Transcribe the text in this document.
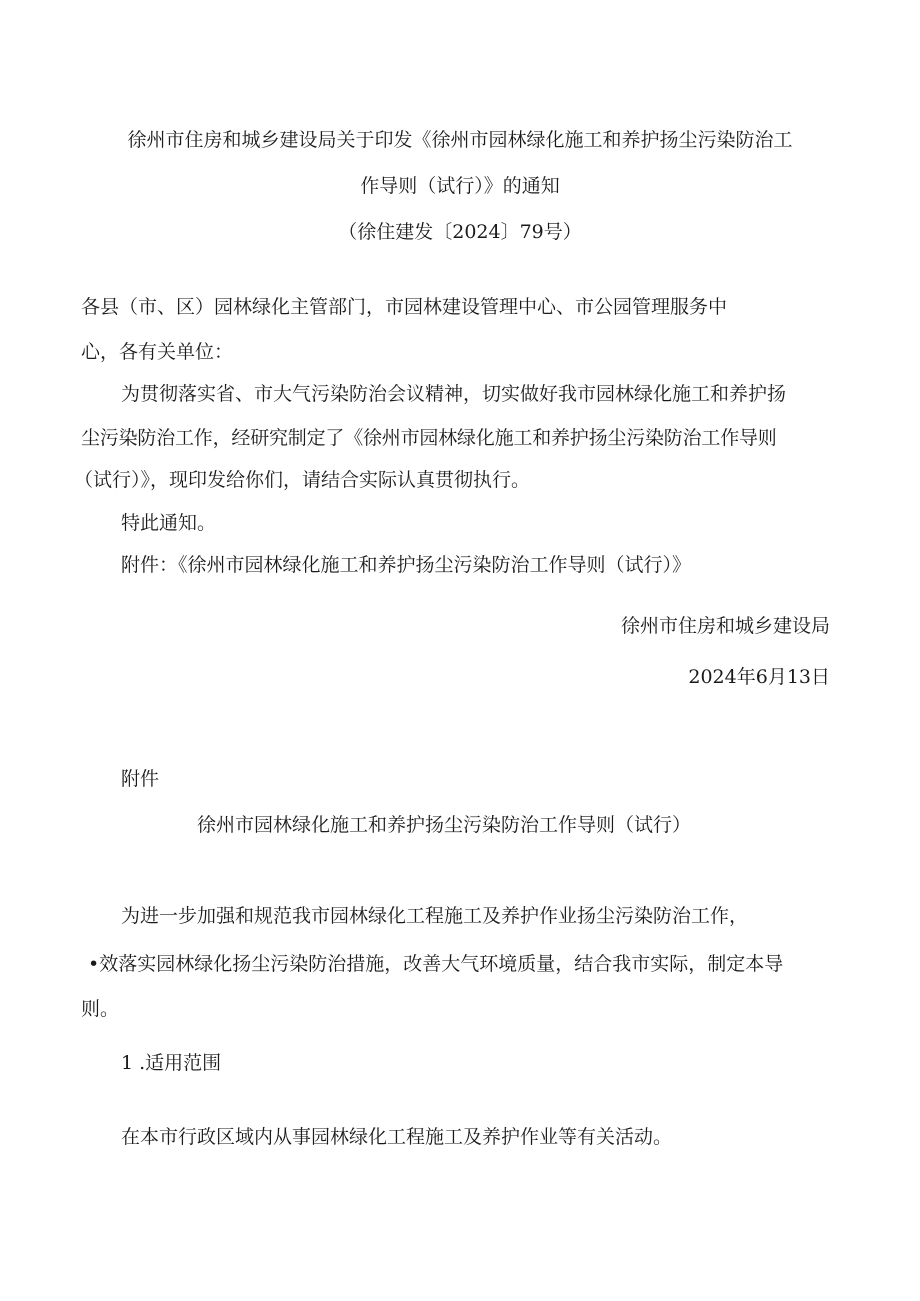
徐州市住房和城乡建设局关于印发《徐州市园林绿化施工和养护扬尘污染防治工

作导则（试行）》的通知

（徐住建发〔2024〕79号）

各县（市、区）园林绿化主管部门，市园林建设管理中心、市公园管理服务中

心，各有关单位：

为贯彻落实省、市大气污染防治会议精神，切实做好我市园林绿化施工和养护扬

尘污染防治工作，经研究制定了《徐州市园林绿化施工和养护扬尘污染防治工作导则

（试行）》，现印发给你们，请结合实际认真贯彻执行。

特此通知。

附件：《徐州市园林绿化施工和养护扬尘污染防治工作导则（试行）》

徐州市住房和城乡建设局

2024年6月13日

附件

徐州市园林绿化施工和养护扬尘污染防治工作导则（试行）

为进一步加强和规范我市园林绿化工程施工及养护作业扬尘污染防治工作，

•效落实园林绿化扬尘污染防治措施，改善大气环境质量，结合我市实际，制定本导

则。

1 .适用范围

在本市行政区域内从事园林绿化工程施工及养护作业等有关活动。
